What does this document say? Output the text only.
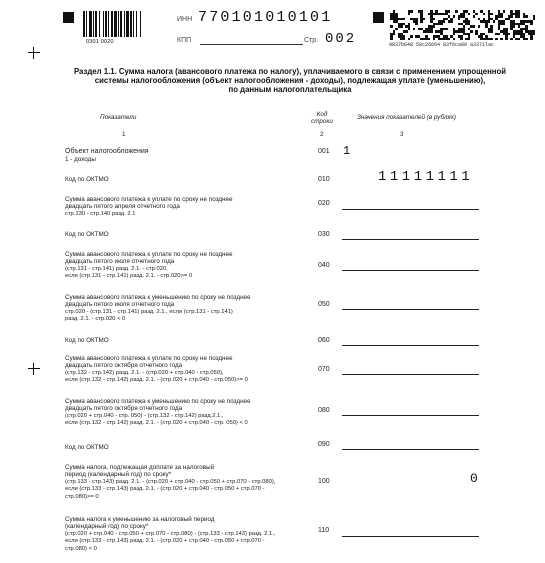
0301 0020
ИНН 770101010101
КПП	Стр. 002	9837b648 50c26664 83f6ca80 a3371lac
Раздел 1.1. Сумма налога (авансового платежа по налогу), уплачиваемого в связи с применением упрощенной
системы налогообложения (объект налогообложения - доходы), подлежащая уплате (уменьшению),
по данным налогоплательщика
Показатели	Код строки
Значения показателей (в рублях)
1	2	3
Объект налогообложения
1 - доходы
001 1
Код по ОКТМО	010	11111111
Сумма авансового платежа к уплате по сроку не позднее
двадцать пятого апреля отчетного года
стр.130 - стр.140 разд. 2.1
020
Код по ОКТМО	030
Сумма авансового платежа к уплате по сроку не позднее
двадцать пятого июля отчетного года
(стр.131 - стр.141) разд. 2.1. - стр.020,
если (стр.131 - стр.141) разд. 2.1. - стр.020>= 0
040
Сумма авансового платежа к уменьшению по сроку не позднее
двадцать пятого июля отчетного года
стр.020 - (стр.131 - стр.141) разд. 2.1., если (стр.131 - стр.141)
разд. 2.1. - стр.020 < 0
050
Код по ОКТМО	060
Сумма авансового платежа к уплате по сроку не позднее
двадцать пятого октября отчетного года
(стр.132 - стр.142) разд. 2.1. - (стр.020 + стр.040 - стр.050),
если (стр.132 - стр.142) разд. 2.1. - (стр.020 + стр.040 - стр.050)>= 0
070
Сумма авансового платежа к уменьшению по сроку не позднее
двадцать пятого октября отчетного года
(стр.020 + стр.040 - стр. 050) - (стр.132 - стр.142) разд.2.1.,
если (стр.132 - стр.142) разд. 2.1. - (стр.020 + стр.040 - стр. 050) < 0
080
Код по ОКТМО	090
Сумма налога, подлежащая доплате за налоговый
период (календарный год) по сроку*
(стр.133 - стр.143) разд. 2.1. - (стр.020 + стр.040 - стр.050 + стр.070 - стр.080),
если (стр.133 - стр.143) разд. 2.1. - (стр.020 + стр.040 - стр.050 + стр.070 -
стр.080)>= 0
100	0
Сумма налога к уменьшению за налоговый период
(календарный год) по сроку*
(стр.020 + стр.040 - стр.050 + стр.070 - стр.080) - (стр.133 - стр.143) разд. 2.1.,
если (стр.133 - стр.143) разд. 2.1. - (стр.020 + стр.040 - стр.050 + стр.070 -
стр.080) < 0
110
